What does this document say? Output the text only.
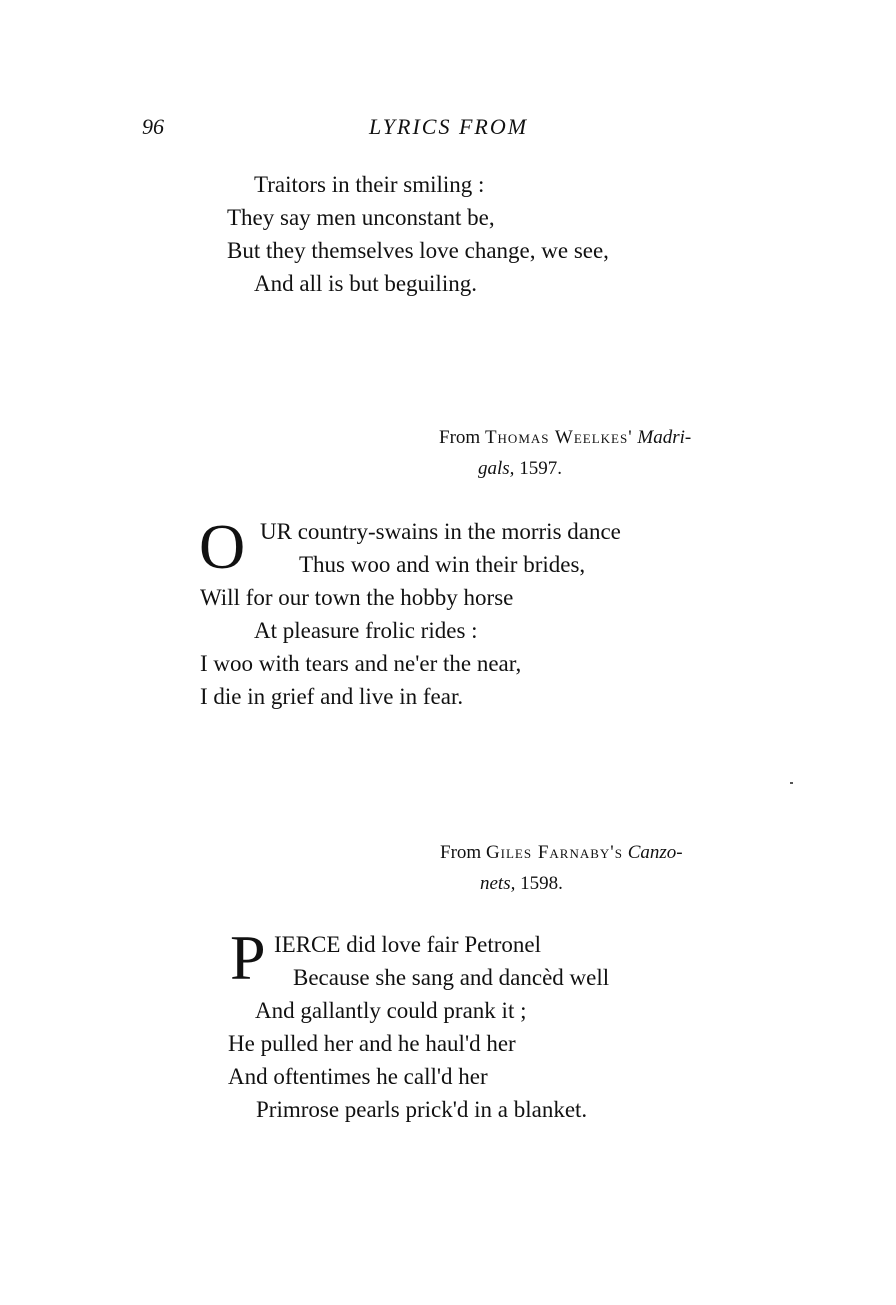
96	LYRICS FROM
Traitors in their smiling :
They say men unconstant be,
But they themselves love change, we see,
And all is but beguiling.
From Thomas Weelkes' Madri-
gals, 1597.
O UR country-swains in the morris dance
Thus woo and win their brides,
Will for our town the hobby horse
At pleasure frolic rides :
I woo with tears and ne'er the near,
I die in grief and live in fear.
From Giles Farnaby's Canzo-
nets, 1598.
P IERCE did love fair Petronel
Because she sang and dancèd well
And gallantly could prank it ;
He pulled her and he haul'd her
And oftentimes he call'd her
Primrose pearls prick'd in a blanket.
